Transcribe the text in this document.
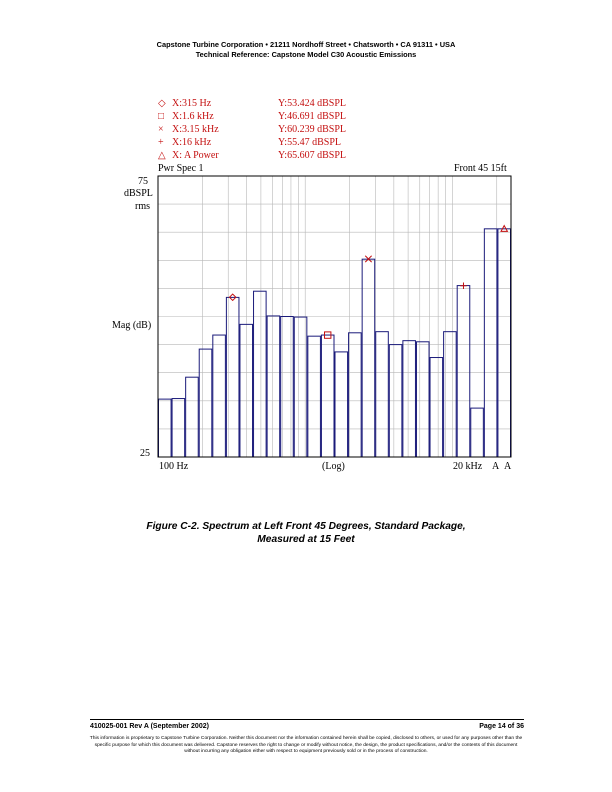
Capstone Turbine Corporation • 21211 Nordhoff Street • Chatsworth • CA 91311 • USA
Technical Reference: Capstone Model C30 Acoustic Emissions
◇ X:315 Hz	Y:53.424 dBSPL
□ X:1.6 kHz	Y:46.691 dBSPL
× X:3.15 kHz	Y:60.239 dBSPL
+ X:16 kHz	Y:55.47 dBSPL
△ X: A Power	Y:65.607 dBSPL
Pwr Spec 1	Front 45 15ft
75
dBSPL
rms
Mag (dB)
25
100 Hz	(Log)	20 kHz A A
Figure C-2. Spectrum at Left Front 45 Degrees, Standard Package,
Measured at 15 Feet
410025-001 Rev A (September 2002)	Page 14 of 36
This information is proprietary to Capstone Turbine Corporation. Neither this document nor the information contained herein shall be copied, disclosed to others, or used for any purposes other than the specific purpose for which this document was delivered. Capstone reserves the right to change or modify without notice, the design, the product specifications, and/or the contents of this document without incurring any obligation either with respect to equipment previously sold or in the process of construction.
